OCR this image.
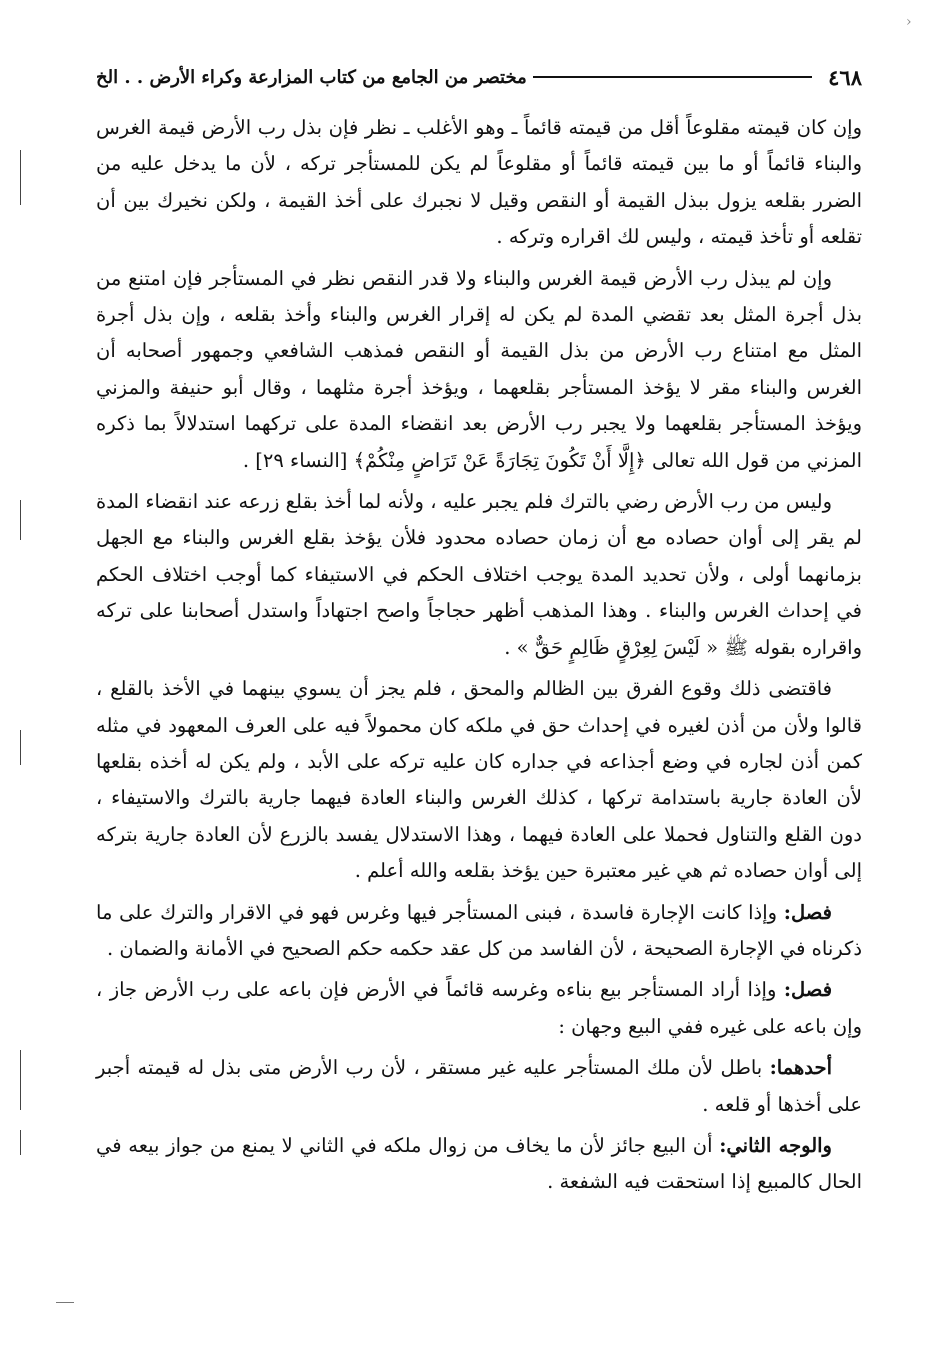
‹
٤٦٨
مختصر من الجامع من كتاب المزارعة وكراء الأرض . . الخ

وإن كان قيمته مقلوعاً أقل من قيمته قائماً ـ وهو الأغلب ـ نظر فإن بذل رب الأرض قيمة الغرس والبناء قائماً أو ما بين قيمته قائماً أو مقلوعاً لم يكن للمستأجر تركه ، لأن ما يدخل عليه من الضرر بقلعه يزول ببذل القيمة أو النقص وقيل لا نجبرك على أخذ القيمة ، ولكن نخيرك بين أن تقلعه أو تأخذ قيمته ، وليس لك اقراره وتركه .

وإن لم يبذل رب الأرض قيمة الغرس والبناء ولا قدر النقص نظر في المستأجر فإن امتنع من بذل أجرة المثل بعد تقضي المدة لم يكن له إقرار الغرس والبناء وأخذ بقلعه ، وإن بذل أجرة المثل مع امتناع رب الأرض من بذل القيمة أو النقص فمذهب الشافعي وجمهور أصحابه أن الغرس والبناء مقر لا يؤخذ المستأجر بقلعهما ، ويؤخذ أجرة مثلهما ، وقال أبو حنيفة والمزني ويؤخذ المستأجر بقلعهما ولا يجبر رب الأرض بعد انقضاء المدة على تركهما استدلالاً بما ذكره المزني من قول الله تعالى ﴿إِلَّا أَنْ تَكُونَ تِجَارَةً عَنْ تَرَاضٍ مِنْكُمْ﴾ [النساء ٢٩] .

وليس من رب الأرض رضي بالترك فلم يجبر عليه ، ولأنه لما أخذ بقلع زرعه عند انقضاء المدة لم يقر إلى أوان حصاده مع أن زمان حصاده محدود فلأن يؤخذ بقلع الغرس والبناء مع الجهل بزمانهما أولى ، ولأن تحديد المدة يوجب اختلاف الحكم في الاستيفاء كما أوجب اختلاف الحكم في إحداث الغرس والبناء . وهذا المذهب أظهر حجاجاً واصح اجتهاداً واستدل أصحابنا على تركه واقراره بقوله ﷺ « لَيْسَ لِعِرْقٍ ظَالِمٍ حَقٌّ » .

فاقتضى ذلك وقوع الفرق بين الظالم والمحق ، فلم يجز أن يسوي بينهما في الأخذ بالقلع ، قالوا ولأن من أذن لغيره في إحداث حق في ملكه كان محمولاً فيه على العرف المعهود في مثله كمن أذن لجاره في وضع أجذاعه في جداره كان عليه تركه على الأبد ، ولم يكن له أخذه بقلعها لأن العادة جارية باستدامة تركها ، كذلك الغرس والبناء العادة فيهما جارية بالترك والاستيفاء ، دون القلع والتناول فحملا على العادة فيهما ، وهذا الاستدلال يفسد بالزرع لأن العادة جارية بتركه إلى أوان حصاده ثم هي غير معتبرة حين يؤخذ بقلعه والله أعلم .

فصل: وإذا كانت الإجارة فاسدة ، فبنى المستأجر فيها وغرس فهو في الاقرار والترك على ما ذكرناه في الإجارة الصحيحة ، لأن الفاسد من كل عقد حكمه حكم الصحيح في الأمانة والضمان .

فصل: وإذا أراد المستأجر بيع بناءه وغرسه قائماً في الأرض فإن باعه على رب الأرض جاز ، وإن باعه على غيره ففي البيع وجهان :

أحدهما: باطل لأن ملك المستأجر عليه غير مستقر ، لأن رب الأرض متى بذل له قيمته أجبر على أخذها أو قلعه .

والوجه الثاني: أن البيع جائز لأن ما يخاف من زوال ملكه في الثاني لا يمنع من جواز بيعه في الحال كالمبيع إذا استحقت فيه الشفعة .
